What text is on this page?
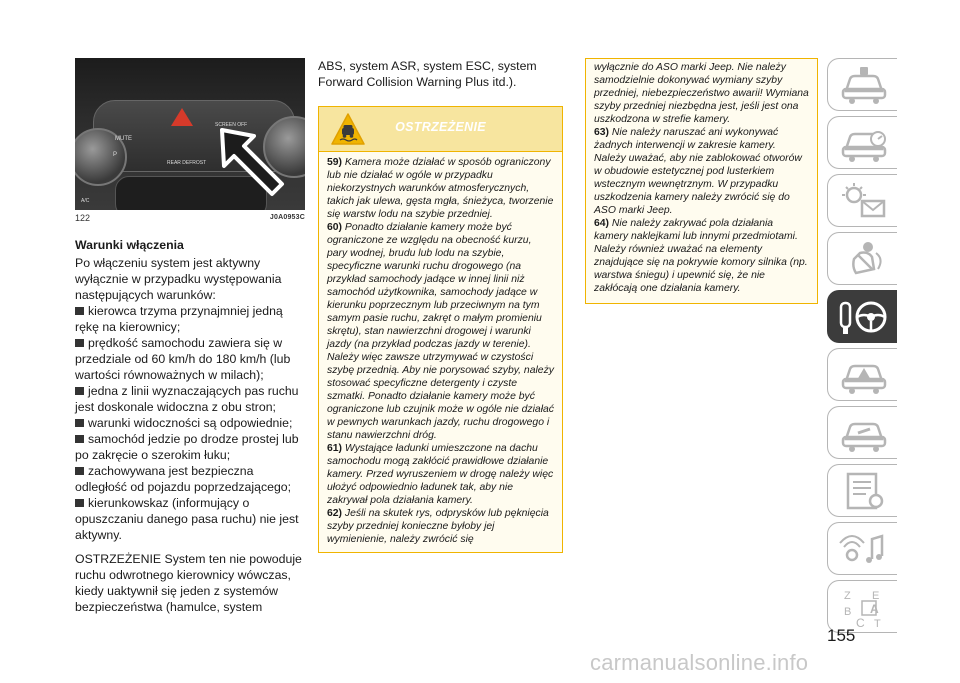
MUTE
P
SCREEN OFF
REAR DEFROST
A/C
122	J0A0953C
Warunki włączenia
Po włączeniu system jest aktywny wyłącznie w przypadku występowania następujących warunków:
kierowca trzyma przynajmniej jedną rękę na kierownicy;
prędkość samochodu zawiera się w przedziale od 60 km/h do 180 km/h (lub wartości równoważnych w milach);
jedna z linii wyznaczających pas ruchu jest doskonale widoczna z obu stron;
warunki widoczności są odpowiednie;
samochód jedzie po drodze prostej lub po zakręcie o szerokim łuku;
zachowywana jest bezpieczna odległość od pojazdu poprzedzającego;
kierunkowskaz (informujący o opuszczaniu danego pasa ruchu) nie jest aktywny.
OSTRZEŻENIE System ten nie powoduje ruchu odwrotnego kierownicy wówczas, kiedy uaktywnił się jeden z systemów bezpieczeństwa (hamulce, system
ABS, system ASR, system ESC, system Forward Collision Warning Plus itd.).
OSTRZEŻENIE

59) Kamera może działać w sposób ograniczony lub nie działać w ogóle w przypadku niekorzystnych warunków atmosferycznych, takich jak ulewa, gęsta mgła, śnieżyca, tworzenie się warstw lodu na szybie przedniej.

60) Ponadto działanie kamery może być ograniczone ze względu na obecność kurzu, pary wodnej, brudu lub lodu na szybie, specyficzne warunki ruchu drogowego (na przykład samochody jadące w innej linii niż samochód użytkownika, samochody jadące w kierunku poprzecznym lub przeciwnym na tym samym pasie ruchu, zakręt o małym promieniu skrętu), stan nawierzchni drogowej i warunki jazdy (na przykład podczas jazdy w terenie). Należy więc zawsze utrzymywać w czystości szybę przednią. Aby nie porysować szyby, należy stosować specyficzne detergenty i czyste szmatki. Ponadto działanie kamery może być ograniczone lub czujnik może w ogóle nie działać w pewnych warunkach jazdy, ruchu drogowego i stanu nawierzchni dróg.

61) Wystające ładunki umieszczone na dachu samochodu mogą zakłócić prawidłowe działanie kamery. Przed wyruszeniem w drogę należy więc ułożyć odpowiednio ładunek tak, aby nie zakrywał pola działania kamery.

62) Jeśli na skutek rys, odprysków lub pęknięcia szyby przedniej konieczne byłoby jej wymienienie, należy zwrócić się

wyłącznie do ASO marki Jeep. Nie należy samodzielnie dokonywać wymiany szyby przedniej, niebezpieczeństwo awarii! Wymiana szyby przedniej niezbędna jest, jeśli jest ona uszkodzona w strefie kamery.

63) Nie należy naruszać ani wykonywać żadnych interwencji w zakresie kamery. Należy uważać, aby nie zablokować otworów w obudowie estetycznej pod lusterkiem wstecznym wewnętrznym. W przypadku uszkodzenia kamery należy zwrócić się do ASO marki Jeep.

64) Nie należy zakrywać pola działania kamery naklejkami lub innymi przedmiotami. Należy również uważać na elementy znajdujące się na pokrywie komory silnika (np. warstwa śniegu) i upewnić się, że nie zakłócają one działania kamery.

Z E
A
B
C T
155
carmanualsonline.info
